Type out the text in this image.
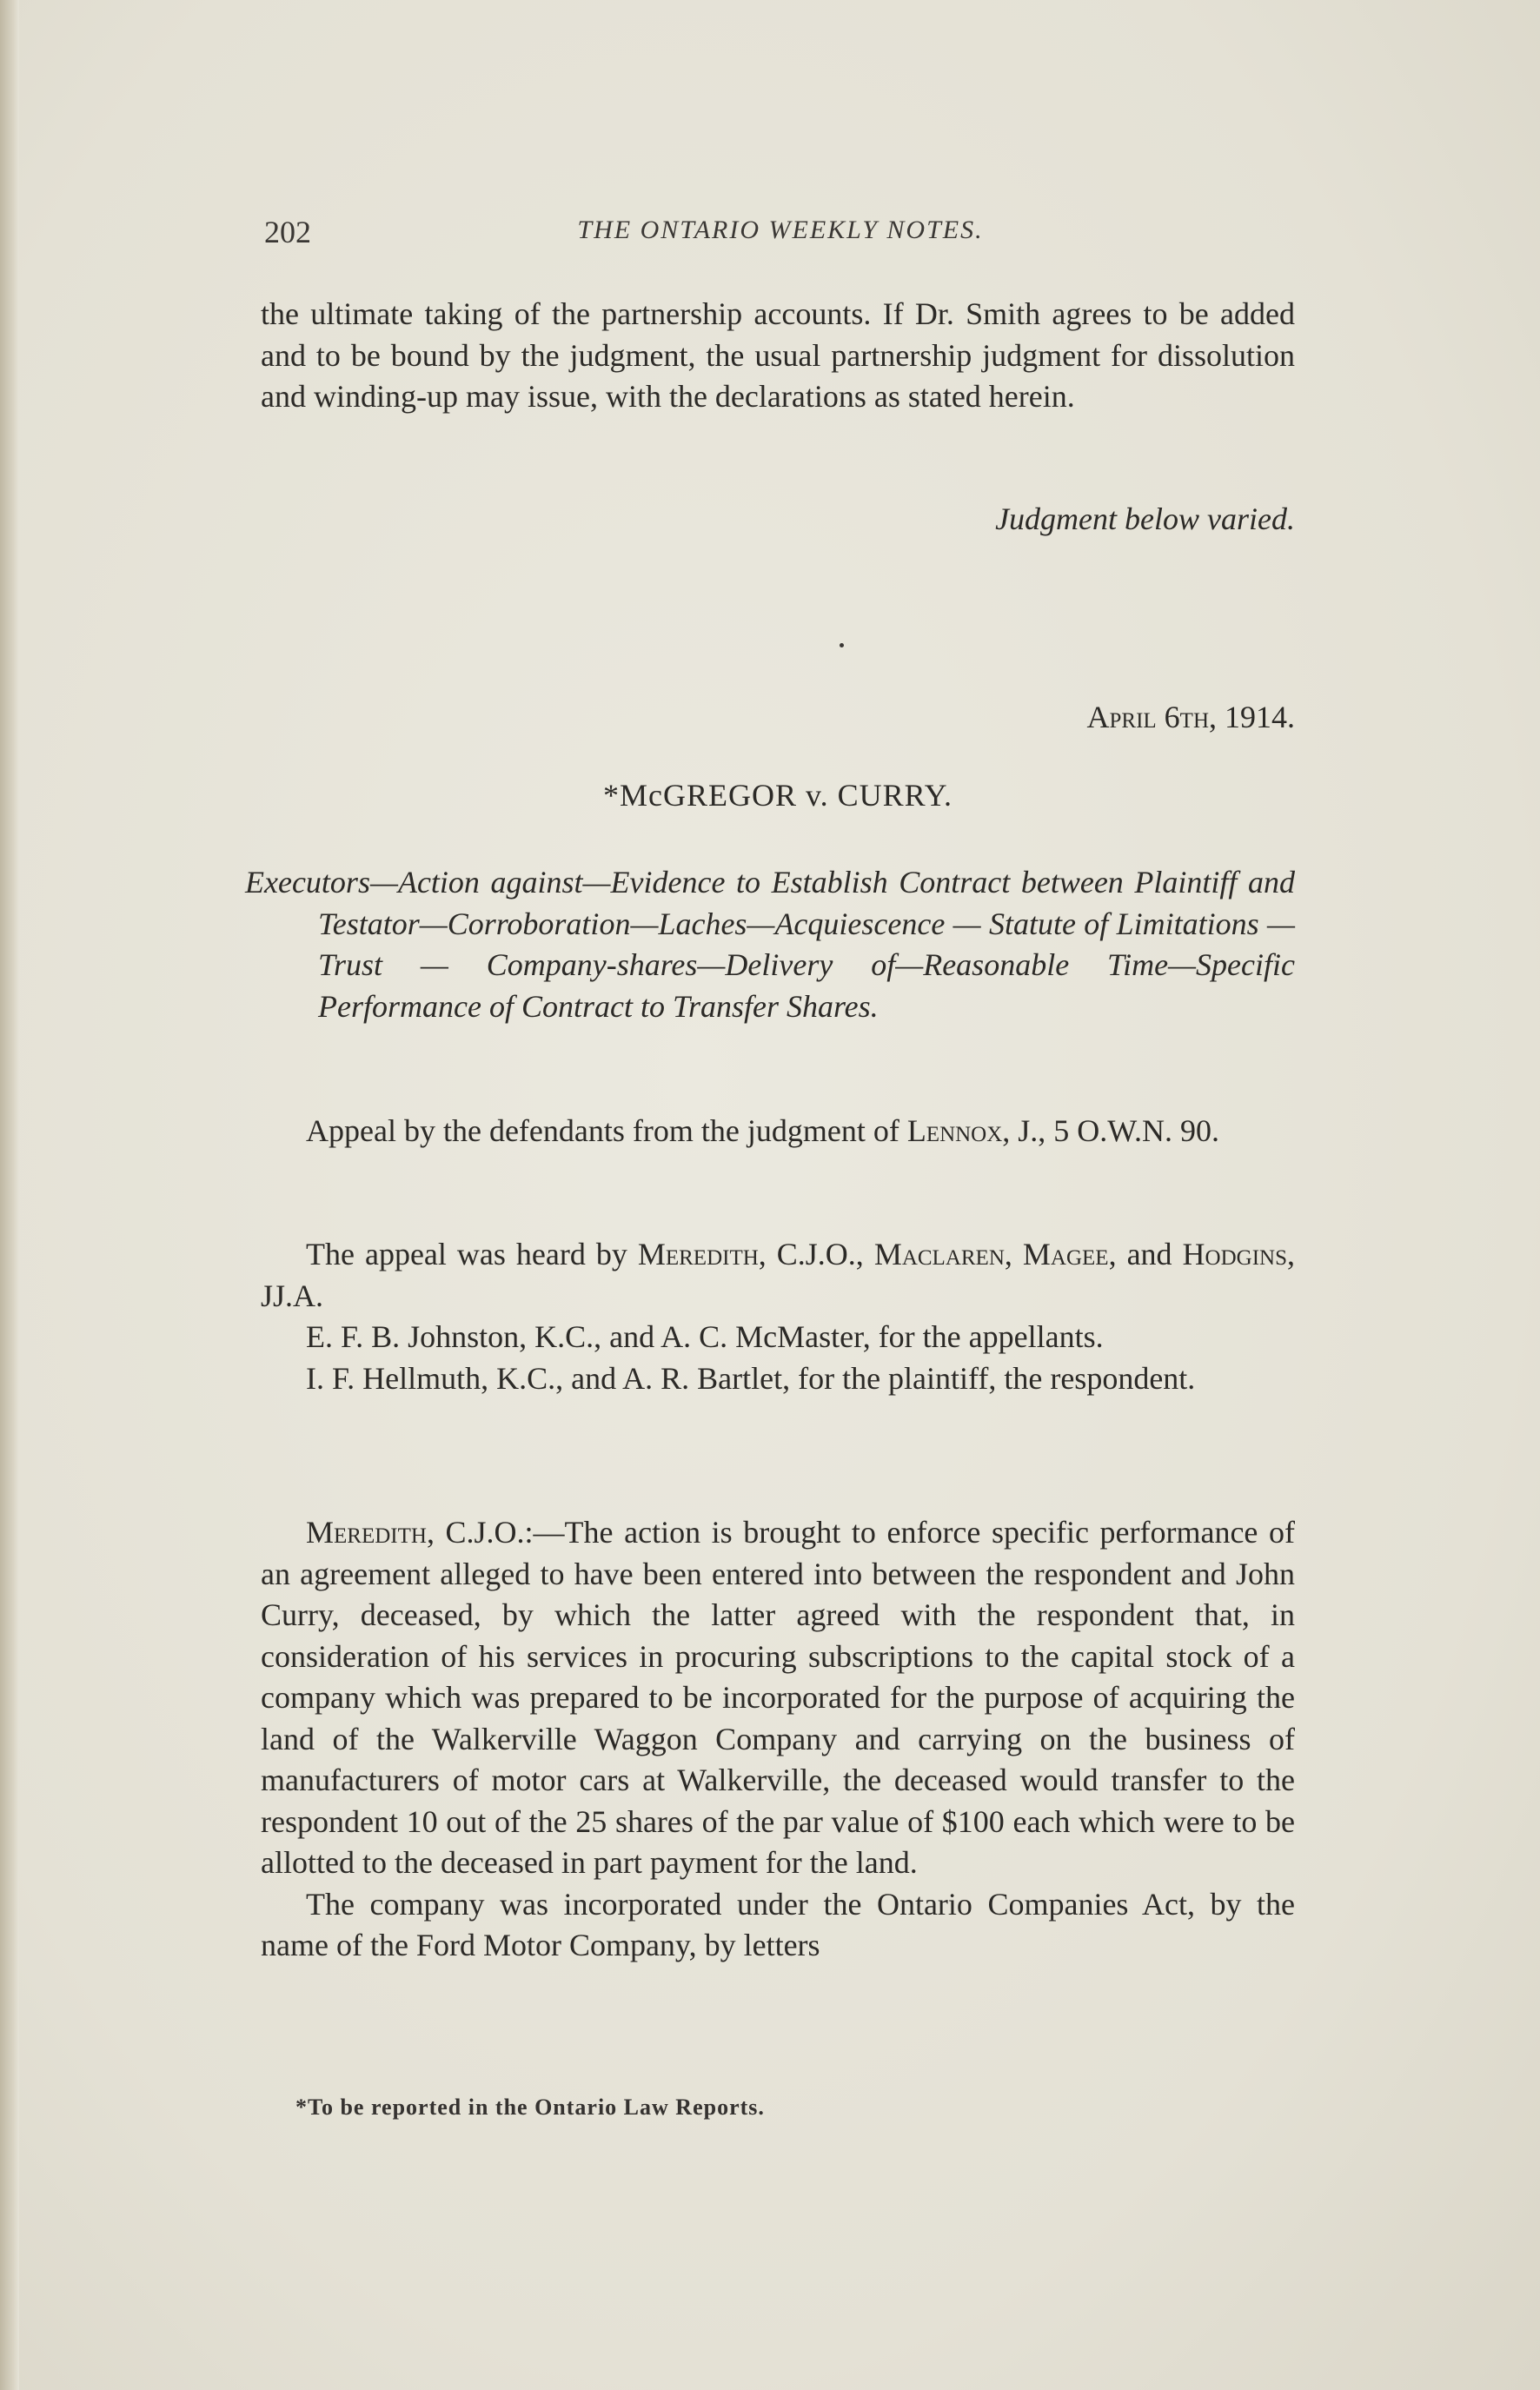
202	THE ONTARIO WEEKLY NOTES.

the ultimate taking of the partnership accounts. If Dr. Smith agrees to be added and to be bound by the judgment, the usual partnership judgment for dissolution and winding-up may issue, with the declarations as stated herein.

Judgment below varied.
April 6th, 1914.
*McGREGOR v. CURRY.

Executors—Action against—Evidence to Establish Contract between Plaintiff and Testator—Corroboration—Laches—Acquiescence — Statute of Limitations — Trust — Company-shares—Delivery of—Reasonable Time—Specific Performance of Contract to Transfer Shares.

Appeal by the defendants from the judgment of Lennox, J., 5 O.W.N. 90.

The appeal was heard by Meredith, C.J.O., Maclaren, Magee, and Hodgins, JJ.A.

E. F. B. Johnston, K.C., and A. C. McMaster, for the appellants.

I. F. Hellmuth, K.C., and A. R. Bartlet, for the plaintiff, the respondent.

Meredith, C.J.O.:—The action is brought to enforce specific performance of an agreement alleged to have been entered into between the respondent and John Curry, deceased, by which the latter agreed with the respondent that, in consideration of his services in procuring subscriptions to the capital stock of a company which was prepared to be incorporated for the purpose of acquiring the land of the Walkerville Waggon Company and carrying on the business of manufacturers of motor cars at Walkerville, the deceased would transfer to the respondent 10 out of the 25 shares of the par value of $100 each which were to be allotted to the deceased in part payment for the land.

The company was incorporated under the Ontario Companies Act, by the name of the Ford Motor Company, by letters

*To be reported in the Ontario Law Reports.
